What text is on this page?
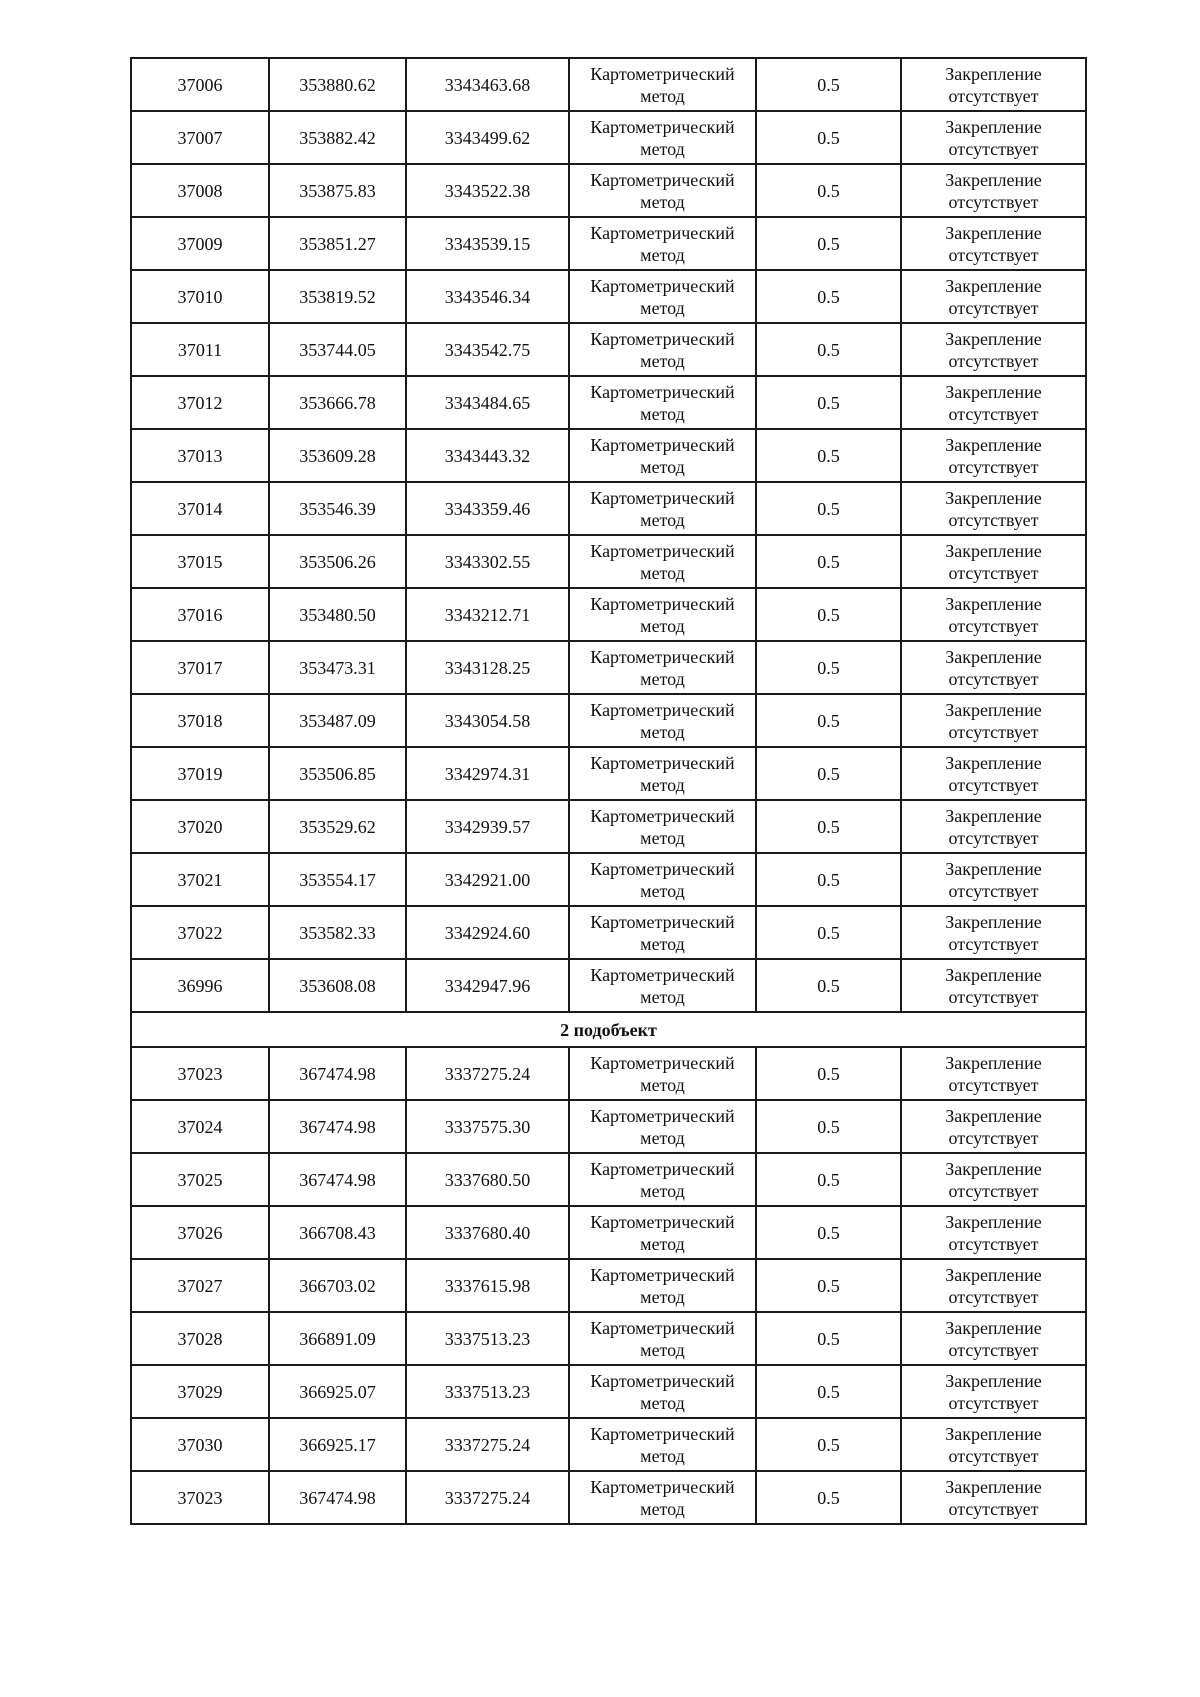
37006	353880.62	3343463.68	Картометрический
метод	0.5	Закрепление
отсутствует

37007	353882.42	3343499.62	Картометрический
метод	0.5	Закрепление
отсутствует

37008	353875.83	3343522.38	Картометрический
метод	0.5	Закрепление
отсутствует

37009	353851.27	3343539.15	Картометрический
метод	0.5	Закрепление
отсутствует

37010	353819.52	3343546.34	Картометрический
метод	0.5	Закрепление
отсутствует

37011	353744.05	3343542.75	Картометрический
метод	0.5	Закрепление
отсутствует

37012	353666.78	3343484.65	Картометрический
метод	0.5	Закрепление
отсутствует

37013	353609.28	3343443.32	Картометрический
метод	0.5	Закрепление
отсутствует

37014	353546.39	3343359.46	Картометрический
метод	0.5	Закрепление
отсутствует

37015	353506.26	3343302.55	Картометрический
метод	0.5	Закрепление
отсутствует

37016	353480.50	3343212.71	Картометрический
метод	0.5	Закрепление
отсутствует

37017	353473.31	3343128.25	Картометрический
метод	0.5	Закрепление
отсутствует

37018	353487.09	3343054.58	Картометрический
метод	0.5	Закрепление
отсутствует

37019	353506.85	3342974.31	Картометрический
метод	0.5	Закрепление
отсутствует

37020	353529.62	3342939.57	Картометрический
метод	0.5	Закрепление
отсутствует

37021	353554.17	3342921.00	Картометрический
метод	0.5	Закрепление
отсутствует

37022	353582.33	3342924.60	Картометрический
метод	0.5	Закрепление
отсутствует

36996	353608.08	3342947.96	Картометрический
метод	0.5	Закрепление
отсутствует

2 подобъект					
37023	367474.98	3337275.24	Картометрический
метод	0.5	Закрепление
отсутствует

37024	367474.98	3337575.30	Картометрический
метод	0.5	Закрепление
отсутствует

37025	367474.98	3337680.50	Картометрический
метод	0.5	Закрепление
отсутствует

37026	366708.43	3337680.40	Картометрический
метод	0.5	Закрепление
отсутствует

37027	366703.02	3337615.98	Картометрический
метод	0.5	Закрепление
отсутствует

37028	366891.09	3337513.23	Картометрический
метод	0.5	Закрепление
отсутствует

37029	366925.07	3337513.23	Картометрический
метод	0.5	Закрепление
отсутствует

37030	366925.17	3337275.24	Картометрический
метод	0.5	Закрепление
отсутствует

37023	367474.98	3337275.24	Картометрический
метод	0.5	Закрепление
отсутствует
